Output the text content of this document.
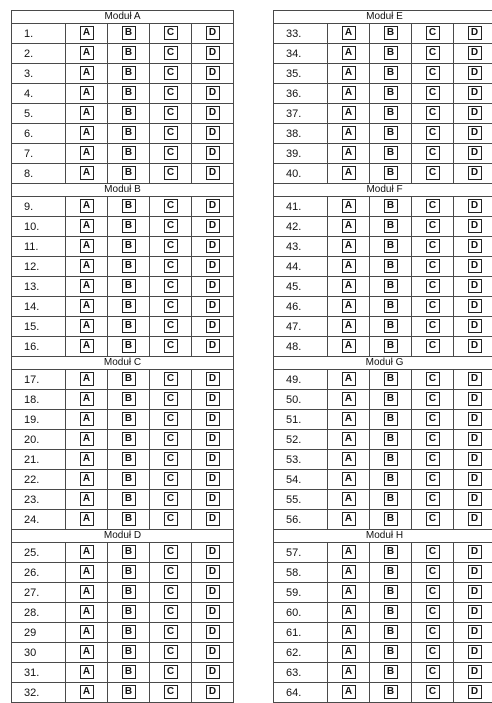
Moduł A				
1.	A	B	C	D
2.	A	B	C	D
3.	A	B	C	D
4.	A	B	C	D
5.	A	B	C	D
6.	A	B	C	D
7.	A	B	C	D
8.	A	B	C	D
Moduł B				
9.	A	B	C	D
10.	A	B	C	D
11.	A	B	C	D
12.	A	B	C	D
13.	A	B	C	D
14.	A	B	C	D
15.	A	B	C	D
16.	A	B	C	D
Moduł C				
17.	A	B	C	D
18.	A	B	C	D
19.	A	B	C	D
20.	A	B	C	D
21.	A	B	C	D
22.	A	B	C	D
23.	A	B	C	D
24.	A	B	C	D
Moduł D				
25.	A	B	C	D
26.	A	B	C	D
27.	A	B	C	D
28.	A	B	C	D
29	A	B	C	D
30	A	B	C	D
31.	A	B	C	D
32.	A	B	C	D
Moduł E				
33.	A	B	C	D
34.	A	B	C	D
35.	A	B	C	D
36.	A	B	C	D
37.	A	B	C	D
38.	A	B	C	D
39.	A	B	C	D
40.	A	B	C	D
Moduł F				
41.	A	B	C	D
42.	A	B	C	D
43.	A	B	C	D
44.	A	B	C	D
45.	A	B	C	D
46.	A	B	C	D
47.	A	B	C	D
48.	A	B	C	D
Moduł G				
49.	A	B	C	D
50.	A	B	C	D
51.	A	B	C	D
52.	A	B	C	D
53.	A	B	C	D
54.	A	B	C	D
55.	A	B	C	D
56.	A	B	C	D
Moduł H				
57.	A	B	C	D
58.	A	B	C	D
59.	A	B	C	D
60.	A	B	C	D
61.	A	B	C	D
62.	A	B	C	D
63.	A	B	C	D
64.	A	B	C	D
